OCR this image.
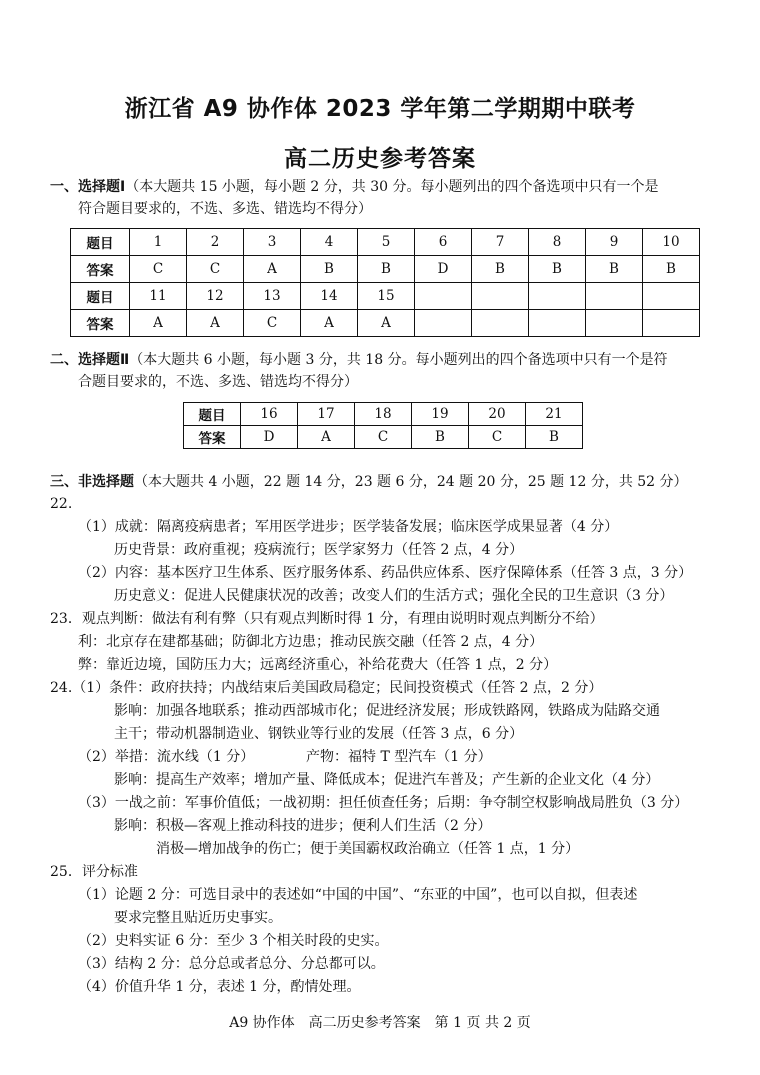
浙江省 A9 协作体 2023 学年第二学期期中联考
高二历史参考答案
一、选择题Ⅰ（本大题共 15 小题，每小题 2 分，共 30 分。每小题列出的四个备选项中只有一个是
符合题目要求的，不选、多选、错选均不得分）
题目	1	2	3	4	5	6	7	8	9	10
答案	C	C	A	B	B	D	B	B	B	B
题目	11	12	13	14	15					
答案	A	A	C	A	A					
二、选择题Ⅱ（本大题共 6 小题，每小题 3 分，共 18 分。每小题列出的四个备选项中只有一个是符
合题目要求的，不选、多选、错选均不得分）
题目	16	17	18	19	20	21
答案	D	A	C	B	C	B
三、非选择题（本大题共 4 小题，22 题 14 分，23 题 6 分，24 题 20 分，25 题 12 分，共 52 分）
22.
（1）成就：隔离疫病患者；军用医学进步；医学装备发展；临床医学成果显著（4 分）
历史背景：政府重视；疫病流行；医学家努力（任答 2 点，4 分）
（2）内容：基本医疗卫生体系、医疗服务体系、药品供应体系、医疗保障体系（任答 3 点，3 分）
历史意义：促进人民健康状况的改善；改变人们的生活方式；强化全民的卫生意识（3 分）
23．观点判断：做法有利有弊（只有观点判断时得 1 分，有理由说明时观点判断分不给）
利：北京存在建都基础；防御北方边患；推动民族交融（任答 2 点，4 分）
弊：靠近边境，国防压力大；远离经济重心，补给花费大（任答 1 点，2 分）
24.（1）条件：政府扶持；内战结束后美国政局稳定；民间投资模式（任答 2 点，2 分）
影响：加强各地联系；推动西部城市化；促进经济发展；形成铁路网，铁路成为陆路交通
主干；带动机器制造业、钢铁业等行业的发展（任答 3 点，6 分）
（2）举措：流水线（1 分）	产物：福特 T 型汽车（1 分）
影响：提高生产效率；增加产量、降低成本；促进汽车普及；产生新的企业文化（4 分）
（3）一战之前：军事价值低；一战初期：担任侦查任务；后期：争夺制空权影响战局胜负（3 分）
影响：积极—客观上推动科技的进步；便利人们生活（2 分）
消极—增加战争的伤亡；便于美国霸权政治确立（任答 1 点，1 分）
25．评分标准
（1）论题 2 分：可选目录中的表述如“中国的中国”、“东亚的中国”，也可以自拟，但表述
要求完整且贴近历史事实。
（2）史料实证 6 分：至少 3 个相关时段的史实。
（3）结构 2 分：总分总或者总分、分总都可以。
（4）价值升华 1 分，表述 1 分，酌情处理。
A9 协作体　高二历史参考答案　第 1 页 共 2 页
